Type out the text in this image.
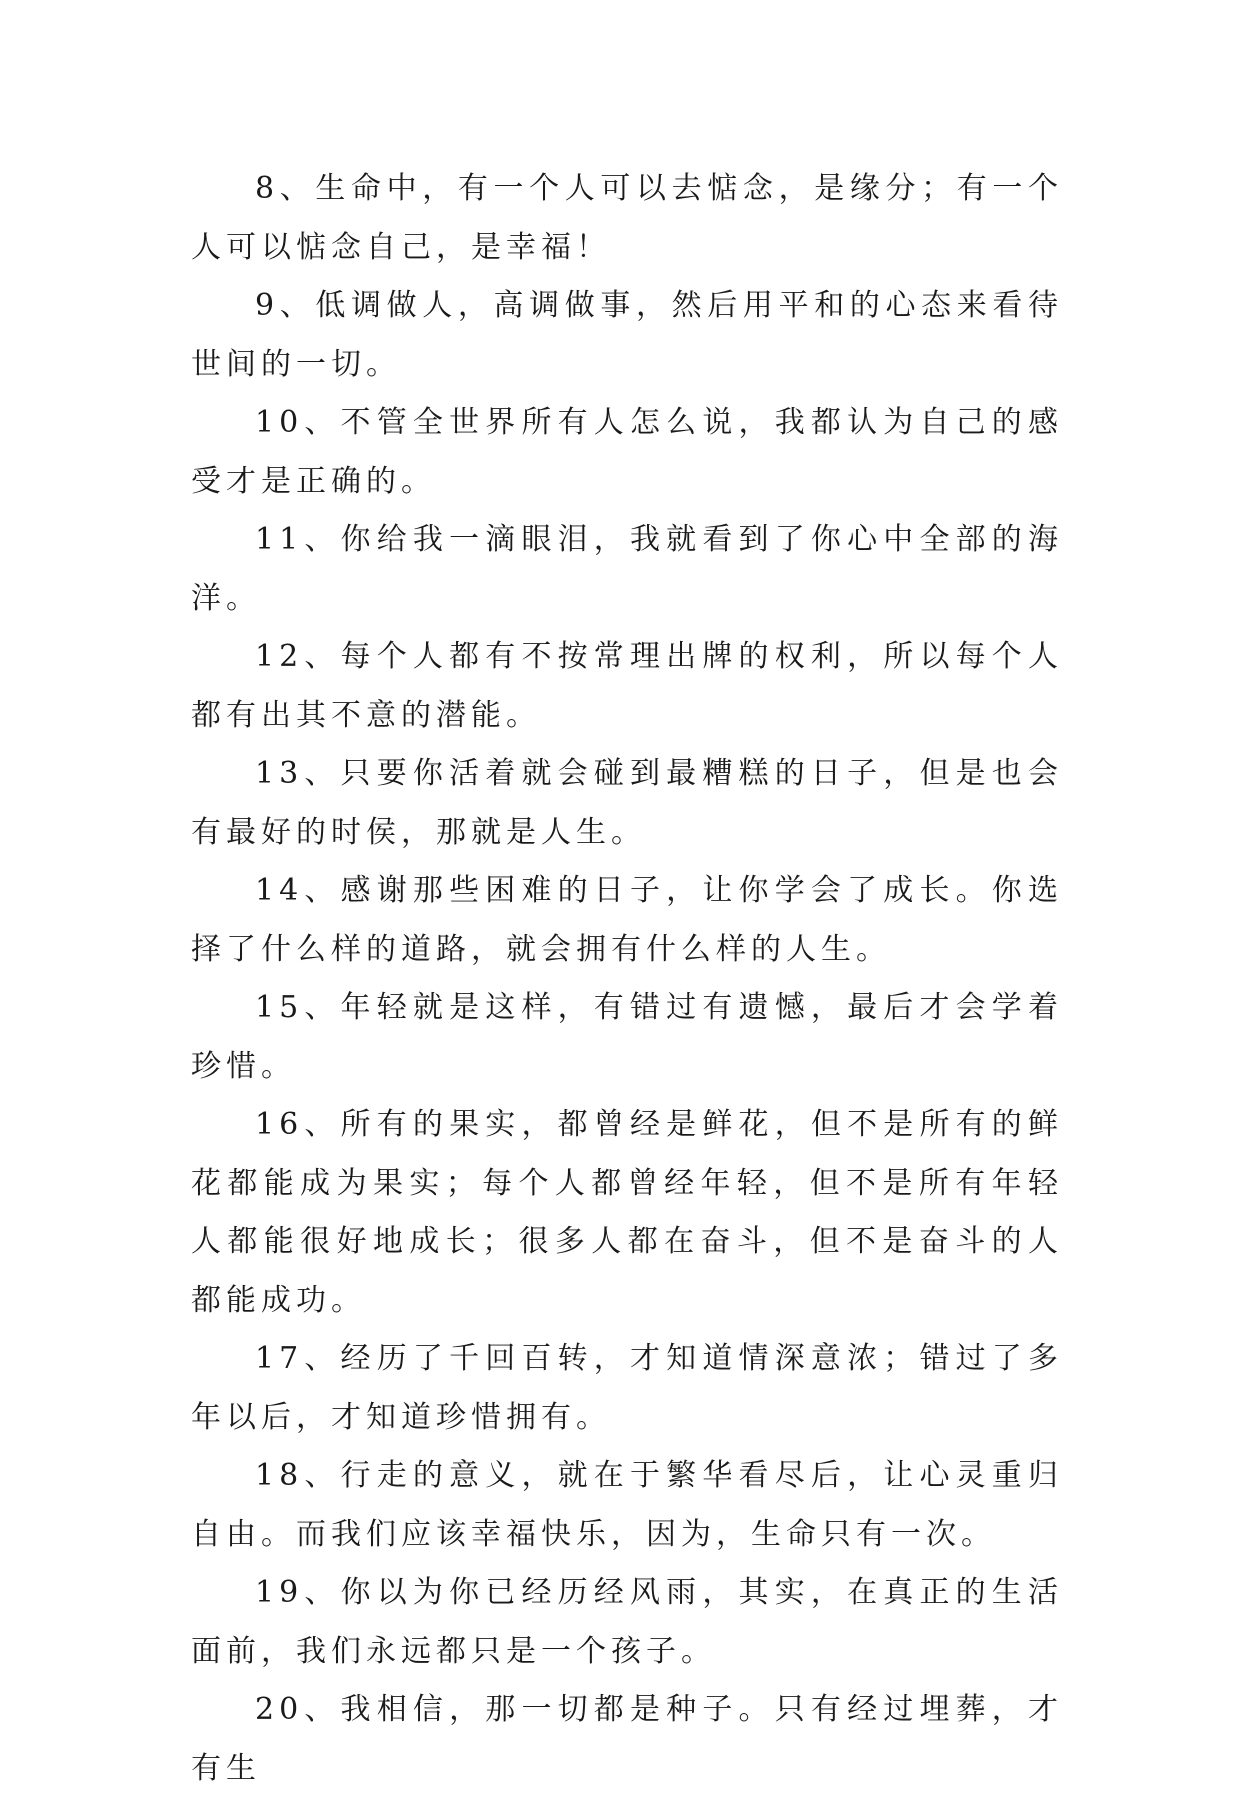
8、生命中，有一个人可以去惦念，是缘分；有一个人可以惦念自己，是幸福！

9、低调做人，高调做事，然后用平和的心态来看待世间的一切。

10、不管全世界所有人怎么说，我都认为自己的感受才是正确的。

11、你给我一滴眼泪，我就看到了你心中全部的海洋。

12、每个人都有不按常理出牌的权利，所以每个人都有出其不意的潜能。

13、只要你活着就会碰到最糟糕的日子，但是也会有最好的时侯，那就是人生。

14、感谢那些困难的日子，让你学会了成长。你选择了什么样的道路，就会拥有什么样的人生。

15、年轻就是这样，有错过有遗憾，最后才会学着珍惜。

16、所有的果实，都曾经是鲜花，但不是所有的鲜花都能成为果实；每个人都曾经年轻，但不是所有年轻人都能很好地成长；很多人都在奋斗，但不是奋斗的人都能成功。

17、经历了千回百转，才知道情深意浓；错过了多年以后，才知道珍惜拥有。

18、行走的意义，就在于繁华看尽后，让心灵重归自由。而我们应该幸福快乐，因为，生命只有一次。

19、你以为你已经历经风雨，其实，在真正的生活面前，我们永远都只是一个孩子。

20、我相信，那一切都是种子。只有经过埋葬，才有生
